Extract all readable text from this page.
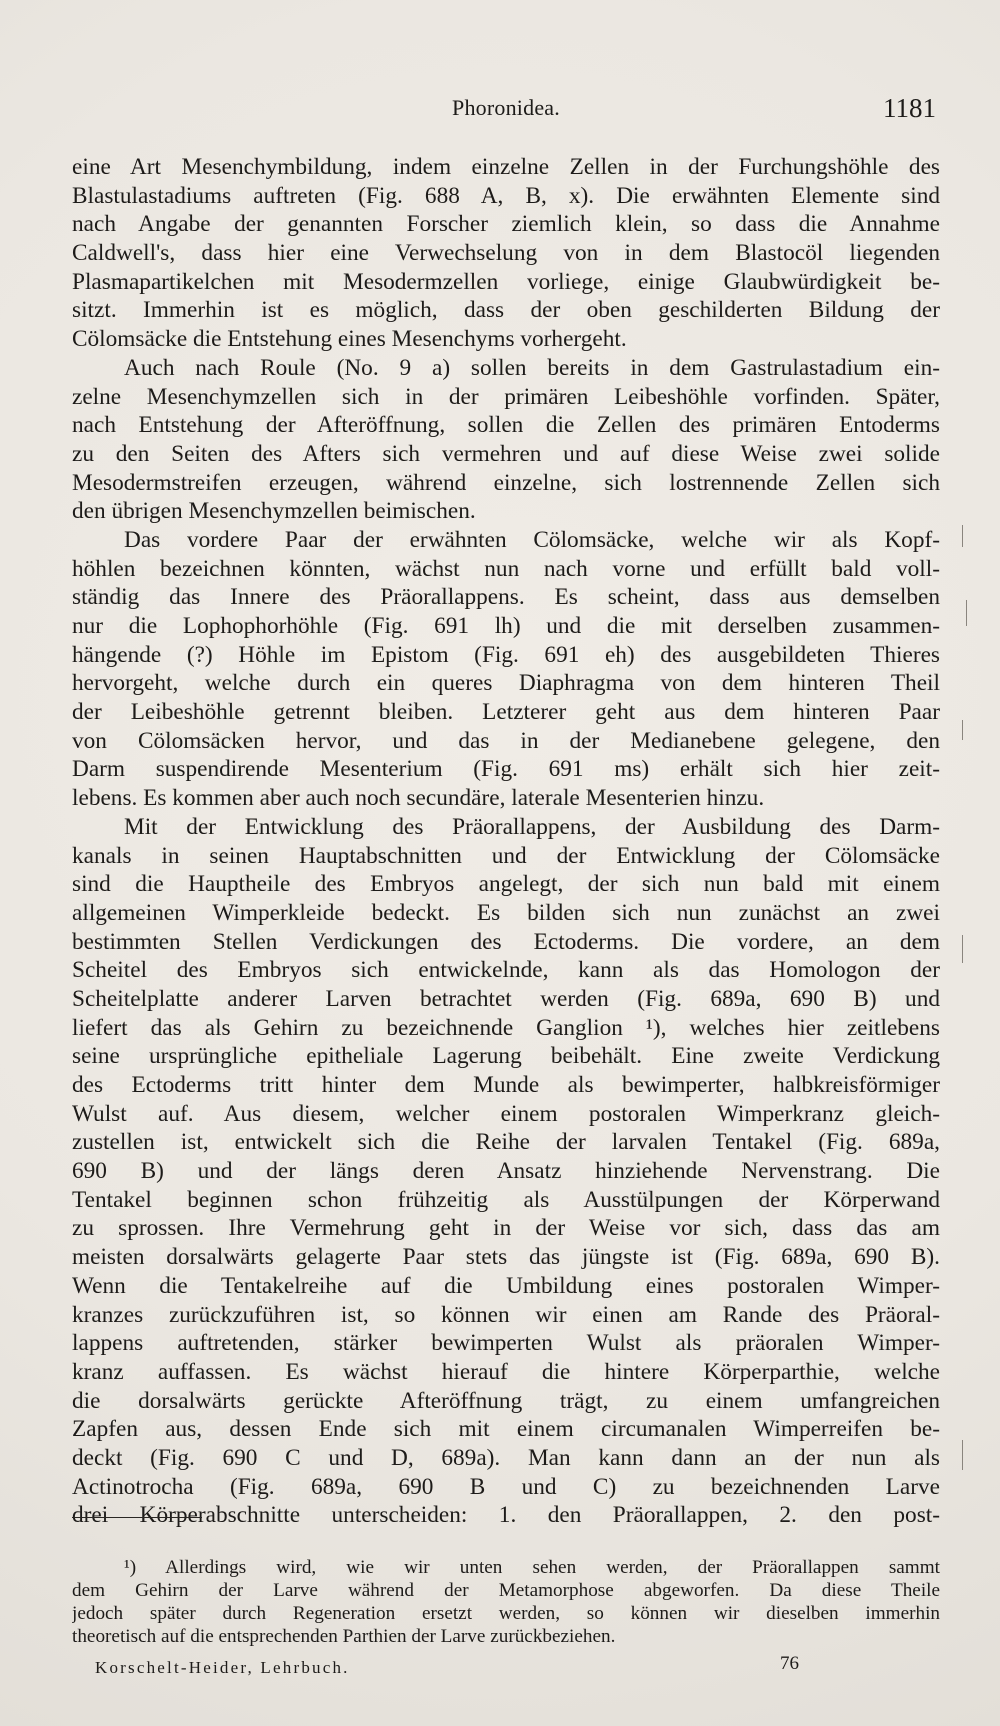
Phoronidea.	1181
eine Art Mesenchymbildung, indem einzelne Zellen in der Furchungshöhle des
Blastulastadiums auftreten (Fig. 688 A, B, x). Die erwähnten Elemente sind
nach Angabe der genannten Forscher ziemlich klein, so dass die Annahme
Caldwell's, dass hier eine Verwechselung von in dem Blastocöl liegenden
Plasmapartikelchen mit Mesodermzellen vorliege, einige Glaubwürdigkeit be-
sitzt. Immerhin ist es möglich, dass der oben geschilderten Bildung der
Cölomsäcke die Entstehung eines Mesenchyms vorhergeht.
Auch nach Roule (No. 9 a) sollen bereits in dem Gastrulastadium ein-
zelne Mesenchymzellen sich in der primären Leibeshöhle vorfinden. Später,
nach Entstehung der Afteröffnung, sollen die Zellen des primären Entoderms
zu den Seiten des Afters sich vermehren und auf diese Weise zwei solide
Mesodermstreifen erzeugen, während einzelne, sich lostrennende Zellen sich
den übrigen Mesenchymzellen beimischen.
Das vordere Paar der erwähnten Cölomsäcke, welche wir als Kopf-
höhlen bezeichnen könnten, wächst nun nach vorne und erfüllt bald voll-
ständig das Innere des Präorallappens. Es scheint, dass aus demselben
nur die Lophophorhöhle (Fig. 691 lh) und die mit derselben zusammen-
hängende (?) Höhle im Epistom (Fig. 691 eh) des ausgebildeten Thieres
hervorgeht, welche durch ein queres Diaphragma von dem hinteren Theil
der Leibeshöhle getrennt bleiben. Letzterer geht aus dem hinteren Paar
von Cölomsäcken hervor, und das in der Medianebene gelegene, den
Darm suspendirende Mesenterium (Fig. 691 ms) erhält sich hier zeit-
lebens. Es kommen aber auch noch secundäre, laterale Mesenterien hinzu.
Mit der Entwicklung des Präorallappens, der Ausbildung des Darm-
kanals in seinen Hauptabschnitten und der Entwicklung der Cölomsäcke
sind die Hauptheile des Embryos angelegt, der sich nun bald mit einem
allgemeinen Wimperkleide bedeckt. Es bilden sich nun zunächst an zwei
bestimmten Stellen Verdickungen des Ectoderms. Die vordere, an dem
Scheitel des Embryos sich entwickelnde, kann als das Homologon der
Scheitelplatte anderer Larven betrachtet werden (Fig. 689a, 690 B) und
liefert das als Gehirn zu bezeichnende Ganglion ¹), welches hier zeitlebens
seine ursprüngliche epitheliale Lagerung beibehält. Eine zweite Verdickung
des Ectoderms tritt hinter dem Munde als bewimperter, halbkreisförmiger
Wulst auf. Aus diesem, welcher einem postoralen Wimperkranz gleich-
zustellen ist, entwickelt sich die Reihe der larvalen Tentakel (Fig. 689a,
690 B) und der längs deren Ansatz hinziehende Nervenstrang. Die
Tentakel beginnen schon frühzeitig als Ausstülpungen der Körperwand
zu sprossen. Ihre Vermehrung geht in der Weise vor sich, dass das am
meisten dorsalwärts gelagerte Paar stets das jüngste ist (Fig. 689a, 690 B).
Wenn die Tentakelreihe auf die Umbildung eines postoralen Wimper-
kranzes zurückzuführen ist, so können wir einen am Rande des Präoral-
lappens auftretenden, stärker bewimperten Wulst als präoralen Wimper-
kranz auffassen. Es wächst hierauf die hintere Körperparthie, welche
die dorsalwärts gerückte Afteröffnung trägt, zu einem umfangreichen
Zapfen aus, dessen Ende sich mit einem circumanalen Wimperreifen be-
deckt (Fig. 690 C und D, 689a). Man kann dann an der nun als
Actinotrocha (Fig. 689a, 690 B und C) zu bezeichnenden Larve
drei Körperabschnitte unterscheiden: 1. den Präorallappen, 2. den post-
¹) Allerdings wird, wie wir unten sehen werden, der Präorallappen sammt
dem Gehirn der Larve während der Metamorphose abgeworfen. Da diese Theile
jedoch später durch Regeneration ersetzt werden, so können wir dieselben immerhin
theoretisch auf die entsprechenden Parthien der Larve zurückbeziehen.
Korschelt-Heider, Lehrbuch.	76
